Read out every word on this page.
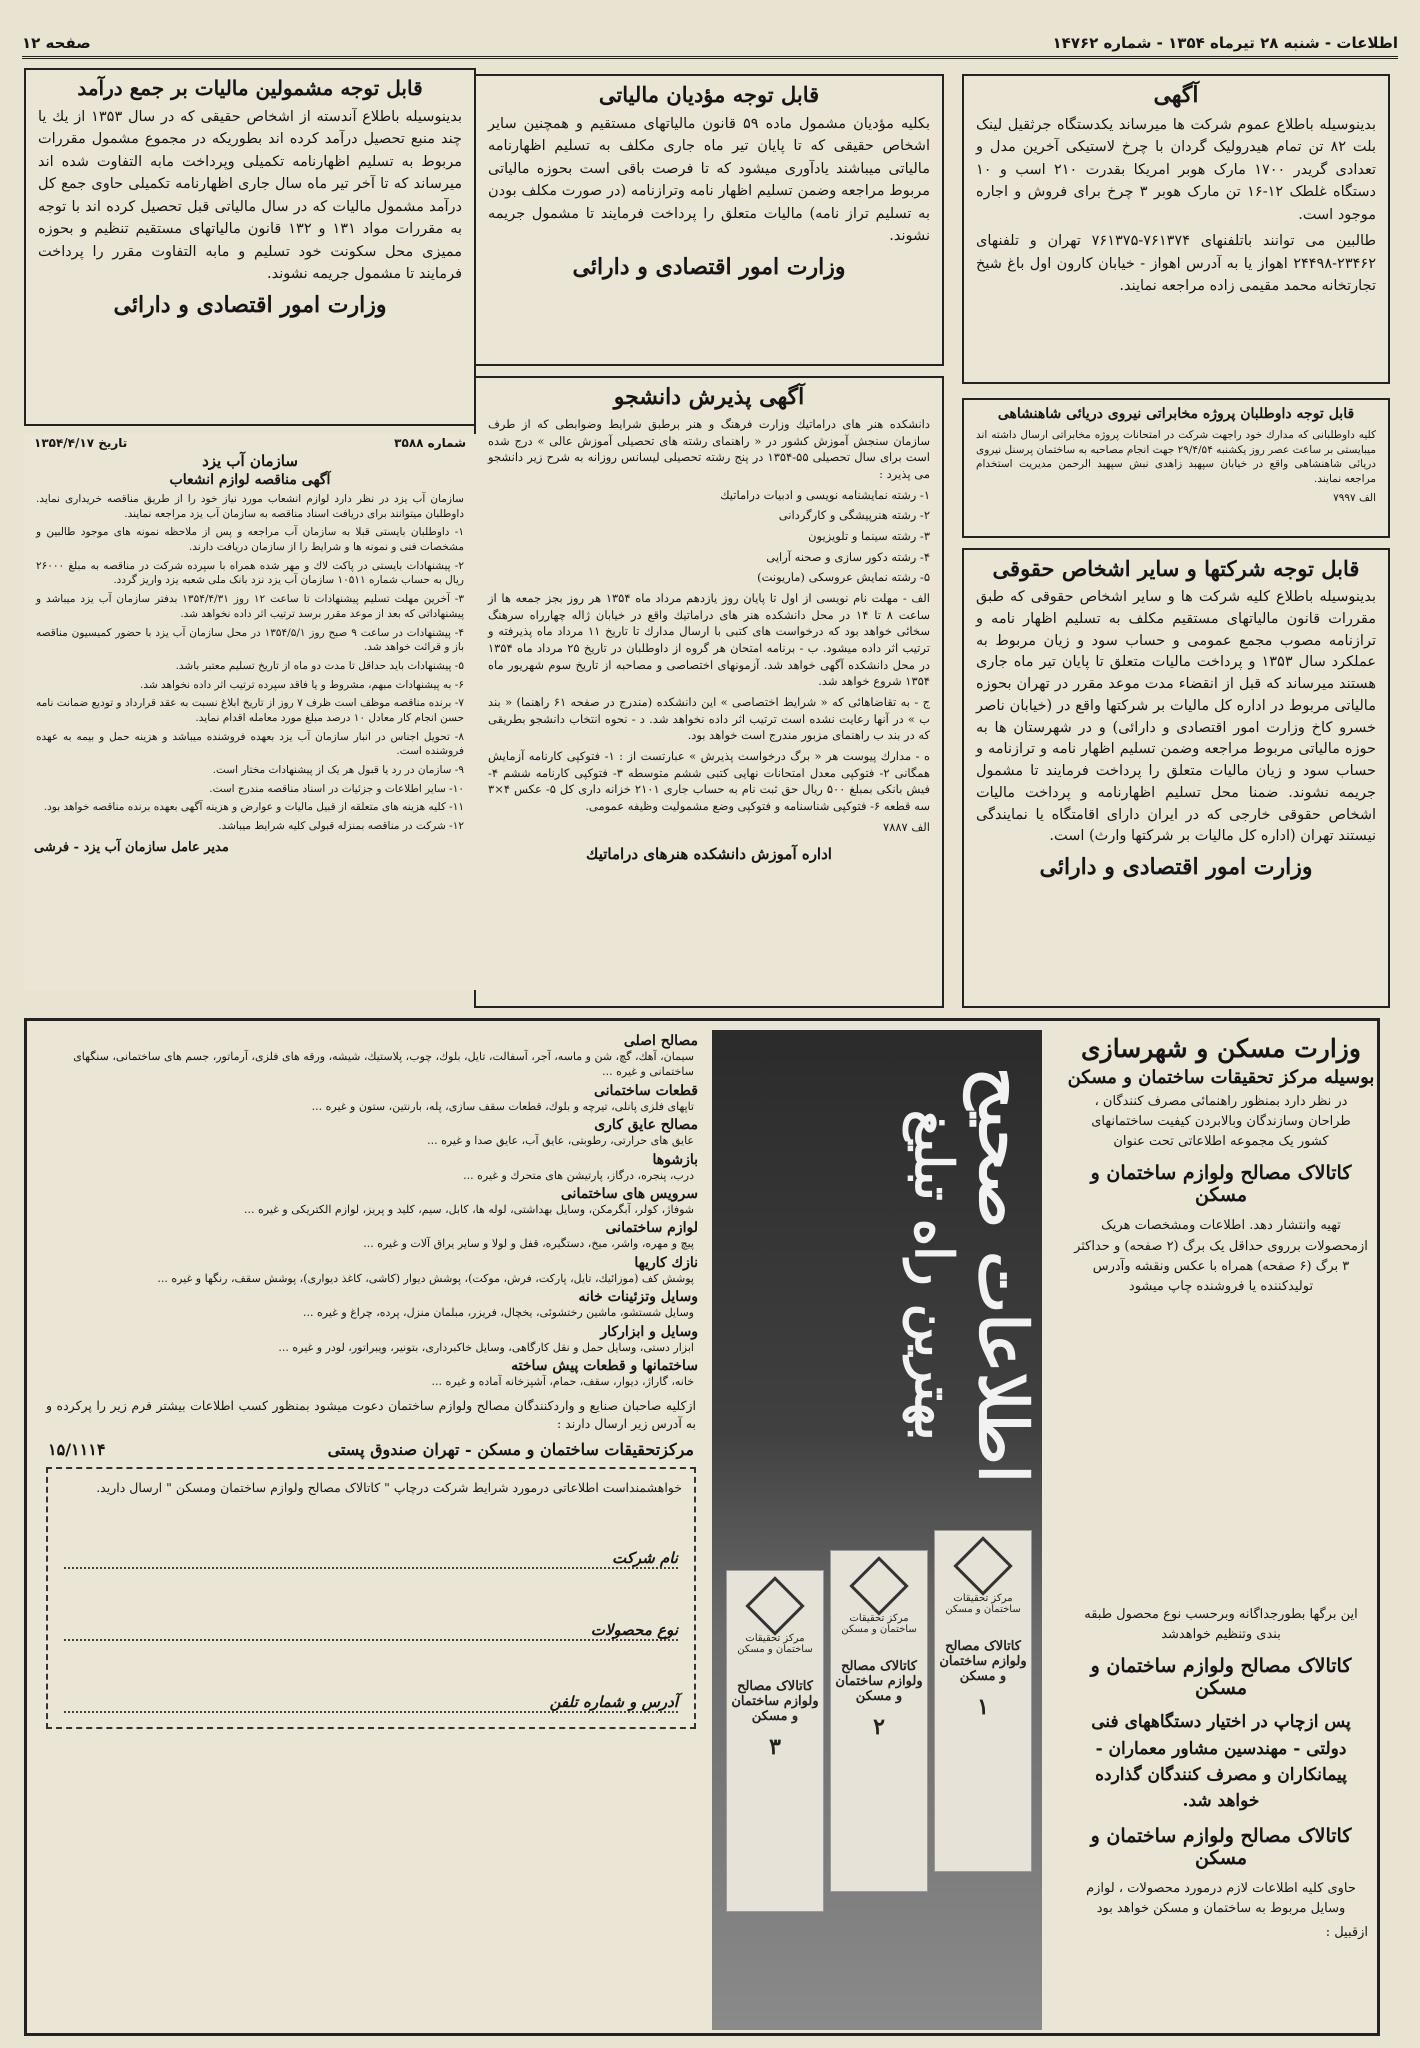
اطلاعات - شنبه ۲۸ تیرماه ۱۳۵۴ - شماره ۱۴۷۶۲
صفحه ۱۲
آگهی
بدینوسیله باطلاع عموم شرکت ها میرساند یکدستگاه جرثقیل لینک بلت ۸۲ تن تمام هیدرولیک گردان با چرخ لاستیکی آخرین مدل و تعدادی گریدر ۱۷۰۰ مارک هوبر امریکا بقدرت ۲۱۰ اسب و ۱۰ دستگاه غلطک ۱۲-۱۶ تن مارک هوبر ۳ چرخ برای فروش و اجاره موجود است.
طالبین می توانند باتلفنهای ۷۶۱۳۷۴-۷۶۱۳۷۵ تهران و تلفنهای ۲۳۴۶۲-۲۴۴۹۸ اهواز یا به آدرس اهواز - خیابان کارون اول باغ شیخ تجارتخانه محمد مقیمی زاده مراجعه نمایند.
قابل توجه داوطلبان پروژه مخابراتی نیروی دریائی شاهنشاهی
کلیه داوطلبانی که مدارك خود راجهت شرکت در امتحانات پروژه مخابراتی ارسال داشته اند میبایستی بر ساعت عصر روز یکشنبه ۲۹/۴/۵۴ جهت انجام مصاحبه به ساختمان پرسنل نیروی دریائی شاهنشاهی واقع در خیابان سپهبد زاهدی نبش سپهبد الرحمن مدیریت استخدام مراجعه نمایند.
الف ۷۹۹۷
قابل توجه شرکتها و سایر اشخاص حقوقی
بدینوسیله باطلاع کلیه شرکت ها و سایر اشخاص حقوقی که طبق مقررات قانون مالیاتهای مستقیم مکلف به تسلیم اظهار نامه و ترازنامه مصوب مجمع عمومی و حساب سود و زیان مربوط به عملکرد سال ۱۳۵۳ و پرداخت مالیات متعلق تا پایان تیر ماه جاری هستند میرساند که قبل از انقضاء مدت موعد مقرر در تهران بحوزه مالیاتی مربوط در اداره کل مالیات بر شرکتها واقع در (خیابان ناصر خسرو کاخ وزارت امور اقتصادی و دارائی) و در شهرستان ها به حوزه مالیاتی مربوط مراجعه وضمن تسلیم اظهار نامه و ترازنامه و حساب سود و زیان مالیات متعلق را پرداخت فرمایند تا مشمول جریمه نشوند. ضمنا محل تسلیم اظهارنامه و پرداخت مالیات اشخاص حقوقی خارجی که در ایران دارای اقامتگاه یا نمایندگی نیستند تهران (اداره کل مالیات بر شرکتها وارث) است.
وزارت امور اقتصادی و دارائی
قابل توجه مؤدیان مالیاتی
بکلیه مؤدیان مشمول ماده ۵۹ قانون مالیاتهای مستقیم و همچنین سایر اشخاص حقیقی که تا پایان تیر ماه جاری مکلف به تسلیم اظهارنامه مالیاتی میباشند یادآوری میشود که تا فرصت باقی است بحوزه مالیاتی مربوط مراجعه وضمن تسلیم اظهار نامه وترازنامه (در صورت مکلف بودن به تسلیم تراز نامه) مالیات متعلق را پرداخت فرمایند تا مشمول جریمه نشوند.
وزارت امور اقتصادی و دارائی
آگهی پذیرش دانشجو
دانشکده هنر های دراماتیك وزارت فرهنگ و هنر برطبق شرایط وضوابطی که از طرف سازمان سنجش آموزش کشور در « راهنمای رشته های تحصیلی آموزش عالی » درج شده است برای سال تحصیلی ۵۵-۱۳۵۴ در پنج رشته تحصیلی لیسانس روزانه به شرح زیر دانشجو می پذیرد :
۱- رشته نمایشنامه نویسی و ادبیات دراماتیك
۲- رشته هنرپیشگی و کارگردانی
۳- رشته سینما و تلویزیون
۴- رشته دکور سازی و صحنه آرایی
۵- رشته نمایش عروسکی (ماریونت)
الف - مهلت نام نویسی از اول تا پایان روز یازدهم مرداد ماه ۱۳۵۴ هر روز بجز جمعه ها از ساعت ۸ تا ۱۴ در محل دانشکده هنر های دراماتیك واقع در خیابان ژاله چهارراه سرهنگ سخائی خواهد بود که درخواست های کتبی با ارسال مدارك تا تاریخ ۱۱ مرداد ماه پذیرفته و ترتیب اثر داده میشود. ب - برنامه امتحان هر گروه از داوطلبان در تاریخ ۲۵ مرداد ماه ۱۳۵۴ در محل دانشکده آگهی خواهد شد. آزمونهای اختصاصی و مصاحبه از تاریخ سوم شهریور ماه ۱۳۵۴ شروع خواهد شد.
ج - به تقاضاهائی که « شرایط اختصاصی » این دانشکده (مندرج در صفحه ۶۱ راهنما) « بند ب » در آنها رعایت نشده است ترتیب اثر داده نخواهد شد. د - نحوه انتخاب دانشجو بطریقی که در بند ب راهنمای مزبور مندرج است خواهد بود.
ه - مدارك پیوست هر « برگ درخواست پذیرش » عبارتست از : ۱- فتوکپی کارنامه آزمایش همگانی ۲- فتوکپی معدل امتحانات نهایی کتبی ششم متوسطه ۳- فتوکپی کارنامه ششم ۴- فیش بانکی بمبلغ ۵۰۰ ریال حق ثبت نام به حساب جاری ۲۱۰۱ خزانه داری کل ۵- عکس ۴×۳ سه قطعه ۶- فتوکپی شناسنامه و فتوکپی وضع مشمولیت وظیفه عمومی.
الف ۷۸۸۷
اداره آموزش دانشکده هنرهای دراماتیك
قابل توجه مشمولین مالیات بر جمع درآمد
بدینوسیله باطلاع آندسته از اشخاص حقیقی که در سال ۱۳۵۳ از یك یا چند منبع تحصیل درآمد کرده اند بطوریکه در مجموع مشمول مقررات مربوط به تسلیم اظهارنامه تکمیلی وپرداخت مابه التفاوت شده اند میرساند که تا آخر تیر ماه سال جاری اظهارنامه تکمیلی حاوی جمع کل درآمد مشمول مالیات که در سال مالیاتی قبل تحصیل کرده اند با توجه به مقررات مواد ۱۳۱ و ۱۳۲ قانون مالیاتهای مستقیم تنظیم و بحوزه ممیزی محل سکونت خود تسلیم و مابه التفاوت مقرر را پرداخت فرمایند تا مشمول جریمه نشوند.
وزارت امور اقتصادی و دارائی
شماره ۳۵۸۸
تاریخ ۱۳۵۴/۴/۱۷
سازمان آب یزد
آگهی مناقصه لوازم انشعاب
سازمان آب یزد در نظر دارد لوازم انشعاب مورد نیاز خود را از طریق مناقصه خریداری نماید. داوطلبان میتوانند برای دریافت اسناد مناقصه به سازمان آب یزد مراجعه نمایند.
۱- داوطلبان بایستی قبلا به سازمان آب مراجعه و پس از ملاحظه نمونه های موجود طالبین و مشخصات فنی و نمونه ها و شرایط را از سازمان دریافت دارند.
۲- پیشنهادات بایستی در پاکت لاك و مهر شده همراه با سپرده شرکت در مناقصه به مبلغ ۲۶۰۰۰ ریال به حساب شماره ۱۰۵۱۱ سازمان آب یزد نزد بانک ملی شعبه یزد واریز گردد.
۳- آخرین مهلت تسلیم پیشنهادات تا ساعت ۱۲ روز ۱۳۵۴/۴/۳۱ بدفتر سازمان آب یزد میباشد و پیشنهاداتی که بعد از موعد مقرر برسد ترتیب اثر داده نخواهد شد.
۴- پیشنهادات در ساعت ۹ صبح روز ۱۳۵۴/۵/۱ در محل سازمان آب یزد با حضور کمیسیون مناقصه باز و قرائت خواهد شد.
۵- پیشنهادات باید حداقل تا مدت دو ماه از تاریخ تسلیم معتبر باشد.
۶- به پیشنهادات مبهم، مشروط و یا فاقد سپرده ترتیب اثر داده نخواهد شد.
۷- برنده مناقصه موظف است ظرف ۷ روز از تاریخ ابلاغ نسبت به عقد قرارداد و تودیع ضمانت نامه حسن انجام کار معادل ۱۰ درصد مبلغ مورد معامله اقدام نماید.
۸- تحویل اجناس در انبار سازمان آب یزد بعهده فروشنده میباشد و هزینه حمل و بیمه به عهده فروشنده است.
۹- سازمان در رد یا قبول هر یک از پیشنهادات مختار است.
۱۰- سایر اطلاعات و جزئیات در اسناد مناقصه مندرج است.
۱۱- کلیه هزینه های متعلقه از قبیل مالیات و عوارض و هزینه آگهی بعهده برنده مناقصه خواهد بود.
۱۲- شرکت در مناقصه بمنزله قبولی کلیه شرایط میباشد.
مدیر عامل سازمان آب یزد - فرشی
مصالح اصلی
سیمان، آهك، گچ، شن و ماسه، آجر، آسفالت، تایل، بلوك، چوب، پلاستیك، شیشه، ورقه های فلزی، آرماتور، جسم های ساختمانی، سنگهای ساختمانی و غیره ...
قطعات ساختمانی
تاپهای فلزی پانلی، تیرچه و بلوك، قطعات سقف سازی، پله، بارنتین، ستون و غیره ...
مصالح عایق کاری
عایق های حرارتی، رطوبتی، عایق آب، عایق صدا و غیره ...
بازشوها
درب، پنجره، درگاز، پارتیشن های متحرك و غیره ...
سرویس های ساختمانی
شوفاژ، کولر، آبگرمکن، وسایل بهداشتی، لوله ها، کابل، سیم، کلید و پریز، لوازم الکتریکی و غیره ...
لوازم ساختمانی
پیچ و مهره، واشر، میخ، دستگیره، قفل و لولا و سایر یراق آلات و غیره ...
نازك کاریها
پوشش کف (موزائیك، تایل، پارکت، فرش، موکت)، پوشش دیوار (کاشی، کاغذ دیواری)، پوشش سقف، رنگها و غیره ...
وسایل وتزئینات خانه
وسایل شستشو، ماشین رختشوئی، یخچال، فریزر، مبلمان منزل، پرده، چراغ و غیره ...
وسایل و ابزارکار
ابزار دستی، وسایل حمل و نقل کارگاهی، وسایل خاکبرداری، بتونیر، ویبراتور، لودر و غیره ...
ساختمانها و قطعات پیش ساخته
خانه، گاراژ، دیوار، سقف، حمام، آشپزخانه آماده و غیره ...
ازکلیه صاحبان صنایع و واردکنندگان مصالح ولوازم ساختمان دعوت میشود بمنظور کسب اطلاعات بیشتر فرم زیر را پرکرده و به آدرس زیر ارسال دارند :
مرکزتحقیقات ساختمان و مسکن - تهران صندوق پستی
۱۵/۱۱۱۴
خواهشمنداست اطلاعاتی درمورد شرایط شرکت درچاپ " کاتالاک مصالح ولوازم ساختمان ومسکن " ارسال دارید.
نام شرکت
نوع محصولات
آدرس و شماره تلفن
اطلاعات صحیح
بهترین راه تبلیغ
مرکز تحقیقات ساختمان و مسکن
کاتالاک مصالح ولوازم ساختمان و مسکن
۳
مرکز تحقیقات ساختمان و مسکن
کاتالاک مصالح ولوازم ساختمان و مسکن
۲
مرکز تحقیقات ساختمان و مسکن
کاتالاک مصالح ولوازم ساختمان و مسکن
۱
وزارت مسکن و شهرسازی
بوسیله مرکز تحقیقات ساختمان و مسکن
در نظر دارد بمنظور راهنمائی مصرف کنندگان ، طراحان وسازندگان وبالابردن کیفیت ساختمانهای کشور یک مجموعه اطلاعاتی تحت عنوان
کاتالاک مصالح ولوازم ساختمان و مسکن
تهیه وانتشار دهد. اطلاعات ومشخصات هریک ازمحصولات برروی حداقل یک برگ (۲ صفحه) و حداکثر ۳ برگ (۶ صفحه) همراه با عکس ونقشه وآدرس تولیدکننده یا فروشنده چاپ میشود
این برگها بطورجداگانه وبرحسب نوع محصول طبقه بندی وتنظیم خواهدشد
کاتالاک مصالح ولوازم ساختمان و مسکن
پس ازچاپ در اختیار دستگاههای فنی دولتی - مهندسین مشاور معماران - پیمانکاران و مصرف کنندگان گذارده خواهد شد.
کاتالاک مصالح ولوازم ساختمان و مسکن
حاوی کلیه اطلاعات لازم درمورد محصولات ، لوازم وسایل مربوط به ساختمان و مسکن خواهد بود
ازقبیل :
